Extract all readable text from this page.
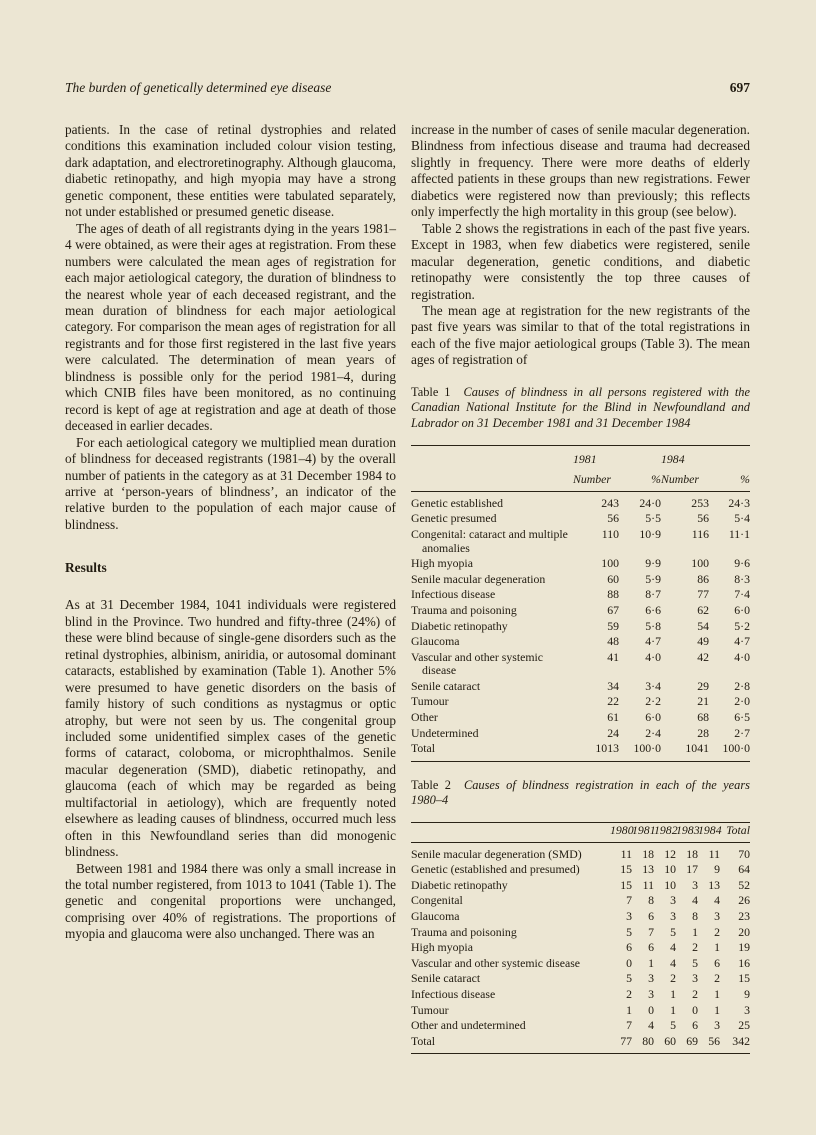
The burden of genetically determined eye disease	697

patients. In the case of retinal dystrophies and related conditions this examination included colour vision testing, dark adaptation, and electroretinography. Although glaucoma, diabetic retinopathy, and high myopia may have a strong genetic component, these entities were tabulated separately, not under established or presumed genetic disease.

The ages of death of all registrants dying in the years 1981–4 were obtained, as were their ages at registration. From these numbers were calculated the mean ages of registration for each major aetiological category, the duration of blindness to the nearest whole year of each deceased registrant, and the mean duration of blindness for each major aetiological category. For comparison the mean ages of registration for all registrants and for those first registered in the last five years were calculated. The determination of mean years of blindness is possible only for the period 1981–4, during which CNIB files have been monitored, as no continuing record is kept of age at registration and age at death of those deceased in earlier decades.

For each aetiological category we multiplied mean duration of blindness for deceased registrants (1981–4) by the overall number of patients in the category as at 31 December 1984 to arrive at ‘person-years of blindness’, an indicator of the relative burden to the population of each major cause of blindness.

Results

As at 31 December 1984, 1041 individuals were registered blind in the Province. Two hundred and fifty-three (24%) of these were blind because of single-gene disorders such as the retinal dystrophies, albinism, aniridia, or autosomal dominant cataracts, established by examination (Table 1). Another 5% were presumed to have genetic disorders on the basis of family history of such conditions as nystagmus or optic atrophy, but were not seen by us. The congenital group included some unidentified simplex cases of the genetic forms of cataract, coloboma, or microphthalmos. Senile macular degeneration (SMD), diabetic retinopathy, and glaucoma (each of which may be regarded as being multifactorial in aetiology), which are frequently noted elsewhere as leading causes of blindness, occurred much less often in this Newfoundland series than did monogenic blindness.

Between 1981 and 1984 there was only a small increase in the total number registered, from 1013 to 1041 (Table 1). The genetic and congenital proportions were unchanged, comprising over 40% of registrations. The proportions of myopia and glaucoma were also unchanged. There was an

increase in the number of cases of senile macular degeneration. Blindness from infectious disease and trauma had decreased slightly in frequency. There were more deaths of elderly affected patients in these groups than new registrations. Fewer diabetics were registered now than previously; this reflects only imperfectly the high mortality in this group (see below).

Table 2 shows the registrations in each of the past five years. Except in 1983, when few diabetics were registered, senile macular degeneration, genetic conditions, and diabetic retinopathy were consistently the top three causes of registration.

The mean age at registration for the new registrants of the past five years was similar to that of the total registrations in each of the five major aetiological groups (Table 3). The mean ages of registration of

Table 1 Causes of blindness in all persons registered with the Canadian National Institute for the Blind in Newfoundland and Labrador on 31 December 1981 and 31 December 1984
	1981		1984	
	Number	%	Number	%
Genetic established	243	24·0	253	24·3
Genetic presumed	56	5·5	56	5·4
Congenital: cataract and multiple anomalies	110	10·9	116	11·1
High myopia	100	9·9	100	9·6
Senile macular degeneration	60	5·9	86	8·3
Infectious disease	88	8·7	77	7·4
Trauma and poisoning	67	6·6	62	6·0
Diabetic retinopathy	59	5·8	54	5·2
Glaucoma	48	4·7	49	4·7
Vascular and other systemic disease	41	4·0	42	4·0
Senile cataract	34	3·4	29	2·8
Tumour	22	2·2	21	2·0
Other	61	6·0	68	6·5
Undetermined	24	2·4	28	2·7
Total	1013	100·0	1041	100·0
Table 2 Causes of blindness registration in each of the years 1980–4
	1980	1981	1982	1983	1984	Total
Senile macular degeneration (SMD)	11	18	12	18	11	70
Genetic (established and presumed)	15	13	10	17	9	64
Diabetic retinopathy	15	11	10	3	13	52
Congenital	7	8	3	4	4	26
Glaucoma	3	6	3	8	3	23
Trauma and poisoning	5	7	5	1	2	20
High myopia	6	6	4	2	1	19
Vascular and other systemic disease	0	1	4	5	6	16
Senile cataract	5	3	2	3	2	15
Infectious disease	2	3	1	2	1	9
Tumour	1	0	1	0	1	3
Other and undetermined	7	4	5	6	3	25
Total	77	80	60	69	56	342
